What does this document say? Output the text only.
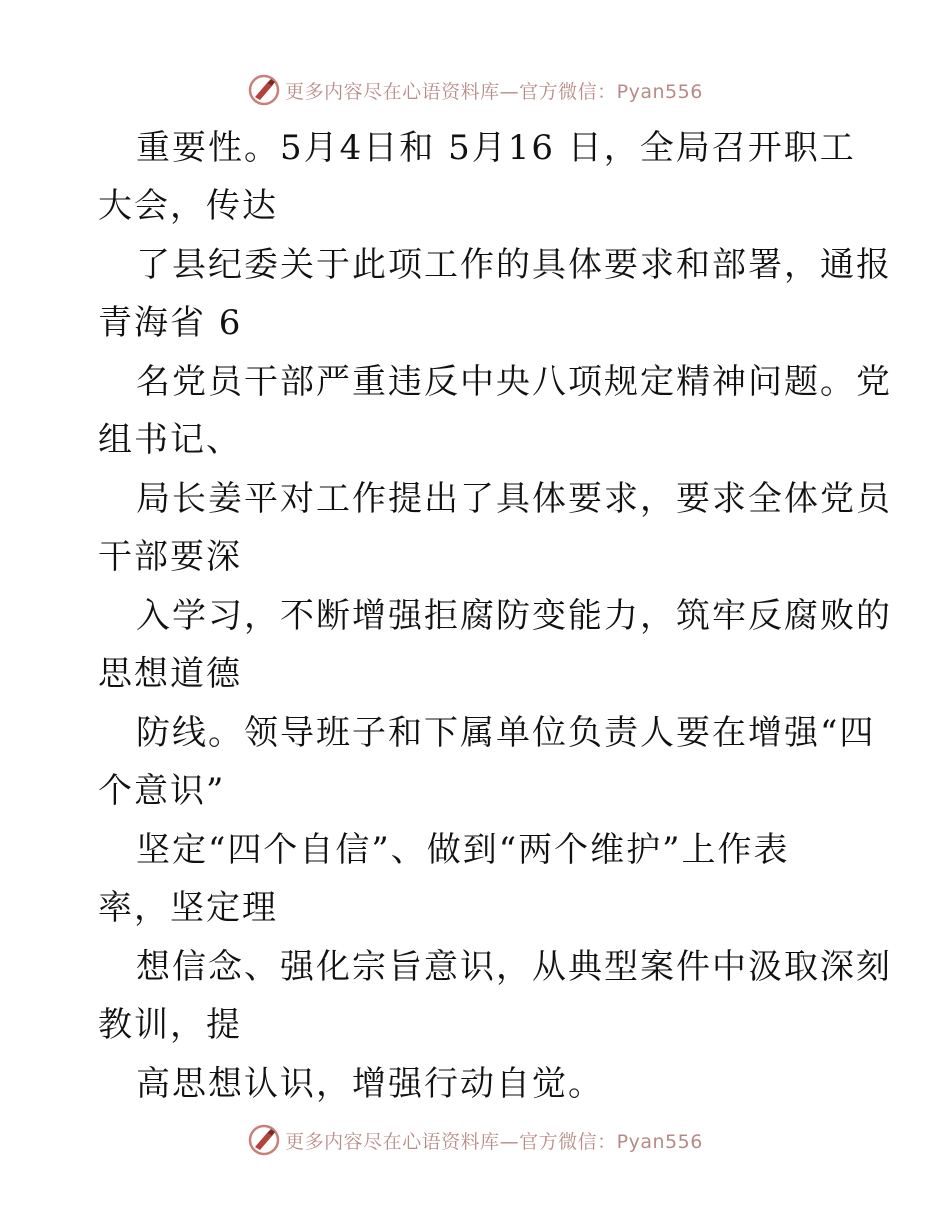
更多内容尽在心语资料库—官方微信：Pyan556
重要性。5月4日和 5月16 日，全局召开职工
大会，传达
了县纪委关于此项工作的具体要求和部署，通报
青海省 6
名党员干部严重违反中央八项规定精神问题。党
组书记、
局长姜平对工作提出了具体要求，要求全体党员
干部要深
入学习，不断增强拒腐防变能力，筑牢反腐败的
思想道德
防线。领导班子和下属单位负责人要在增强“四
个意识”
坚定“四个自信”、做到“两个维护”上作表
率，坚定理
想信念、强化宗旨意识，从典型案件中汲取深刻
教训，提
高思想认识，增强行动自觉。
更多内容尽在心语资料库—官方微信：Pyan556
